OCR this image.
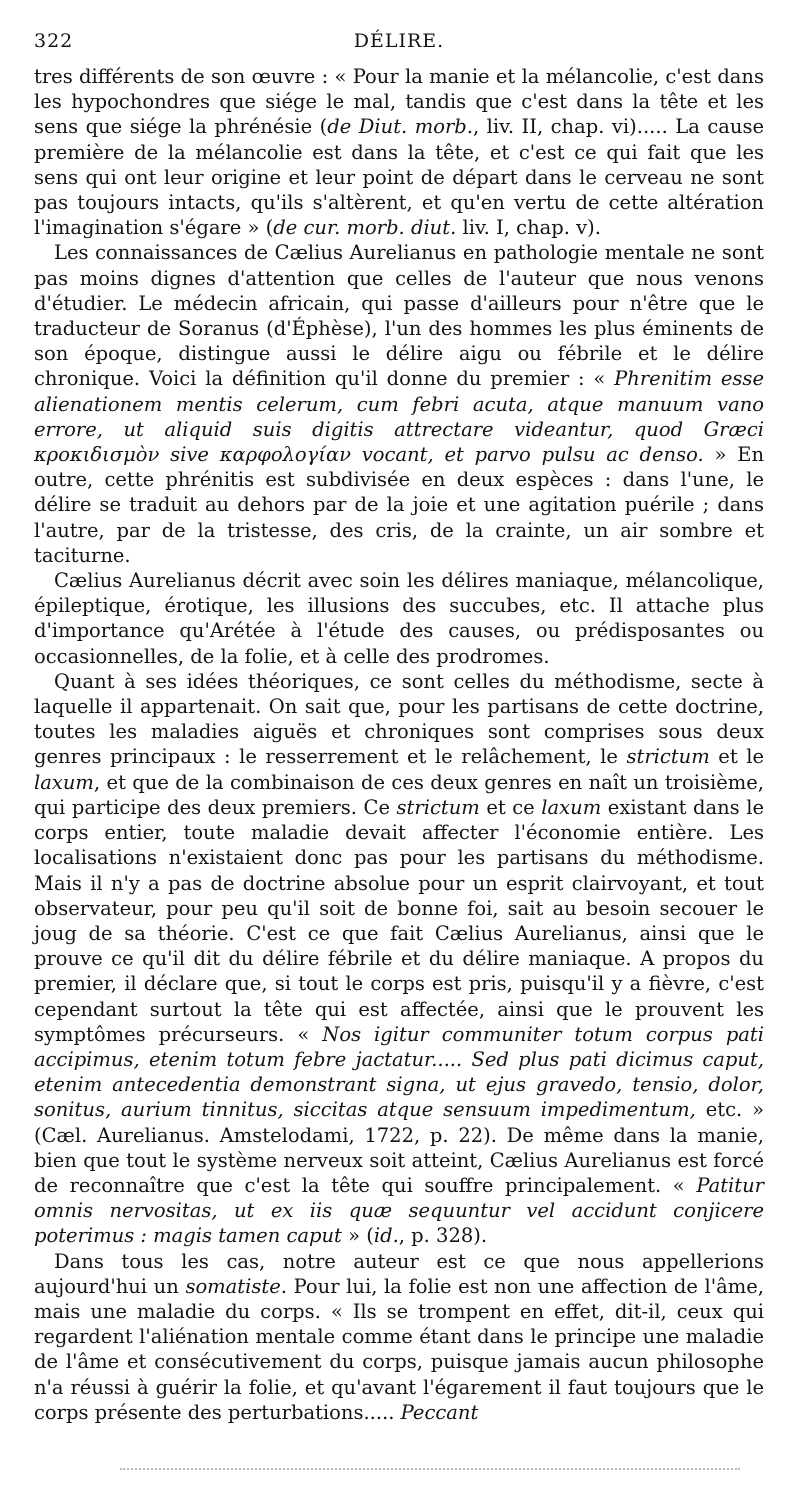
322	DÉLIRE.

tres différents de son œuvre : « Pour la manie et la mélancolie, c'est dans les hypochondres que siége le mal, tandis que c'est dans la tête et les sens que siége la phrénésie (de Diut. morb., liv. II, chap. vi)..... La cause première de la mélancolie est dans la tête, et c'est ce qui fait que les sens qui ont leur origine et leur point de départ dans le cerveau ne sont pas toujours intacts, qu'ils s'altèrent, et qu'en vertu de cette altération l'imagination s'égare » (de cur. morb. diut. liv. I, chap. v).

Les connaissances de Cælius Aurelianus en pathologie mentale ne sont pas moins dignes d'attention que celles de l'auteur que nous venons d'étudier. Le médecin africain, qui passe d'ailleurs pour n'être que le traducteur de Soranus (d'Éphèse), l'un des hommes les plus éminents de son époque, distingue aussi le délire aigu ou fébrile et le délire chronique. Voici la définition qu'il donne du premier : « Phrenitim esse alienationem mentis celerum, cum febri acuta, atque manuum vano errore, ut aliquid suis digitis attrectare videantur, quod Græci κροκιδισμὸν sive καρφολογίαν vocant, et parvo pulsu ac denso. » En outre, cette phrénitis est subdivisée en deux espèces : dans l'une, le délire se traduit au dehors par de la joie et une agitation puérile ; dans l'autre, par de la tristesse, des cris, de la crainte, un air sombre et taciturne.

Cælius Aurelianus décrit avec soin les délires maniaque, mélancolique, épileptique, érotique, les illusions des succubes, etc. Il attache plus d'importance qu'Arétée à l'étude des causes, ou prédisposantes ou occasionnelles, de la folie, et à celle des prodromes.

Quant à ses idées théoriques, ce sont celles du méthodisme, secte à laquelle il appartenait. On sait que, pour les partisans de cette doctrine, toutes les maladies aiguës et chroniques sont comprises sous deux genres principaux : le resserrement et le relâchement, le strictum et le laxum, et que de la combinaison de ces deux genres en naît un troisième, qui participe des deux premiers. Ce strictum et ce laxum existant dans le corps entier, toute maladie devait affecter l'économie entière. Les localisations n'existaient donc pas pour les partisans du méthodisme. Mais il n'y a pas de doctrine absolue pour un esprit clairvoyant, et tout observateur, pour peu qu'il soit de bonne foi, sait au besoin secouer le joug de sa théorie. C'est ce que fait Cælius Aurelianus, ainsi que le prouve ce qu'il dit du délire fébrile et du délire maniaque. A propos du premier, il déclare que, si tout le corps est pris, puisqu'il y a fièvre, c'est cependant surtout la tête qui est affectée, ainsi que le prouvent les symptômes précurseurs. « Nos igitur communiter totum corpus pati accipimus, etenim totum febre jactatur..... Sed plus pati dicimus caput, etenim antecedentia demonstrant signa, ut ejus gravedo, tensio, dolor, sonitus, aurium tinnitus, siccitas atque sensuum impedimentum, etc. » (Cæl. Aurelianus. Amstelodami, 1722, p. 22). De même dans la manie, bien que tout le système nerveux soit atteint, Cælius Aurelianus est forcé de reconnaître que c'est la tête qui souffre principalement. « Patitur omnis nervositas, ut ex iis quæ sequuntur vel accidunt conjicere poterimus : magis tamen caput » (id., p. 328).

Dans tous les cas, notre auteur est ce que nous appellerions aujourd'hui un somatiste. Pour lui, la folie est non une affection de l'âme, mais une maladie du corps. « Ils se trompent en effet, dit-il, ceux qui regardent l'aliénation mentale comme étant dans le principe une maladie de l'âme et consécutivement du corps, puisque jamais aucun philosophe n'a réussi à guérir la folie, et qu'avant l'égarement il faut toujours que le corps présente des perturbations..... Peccant
